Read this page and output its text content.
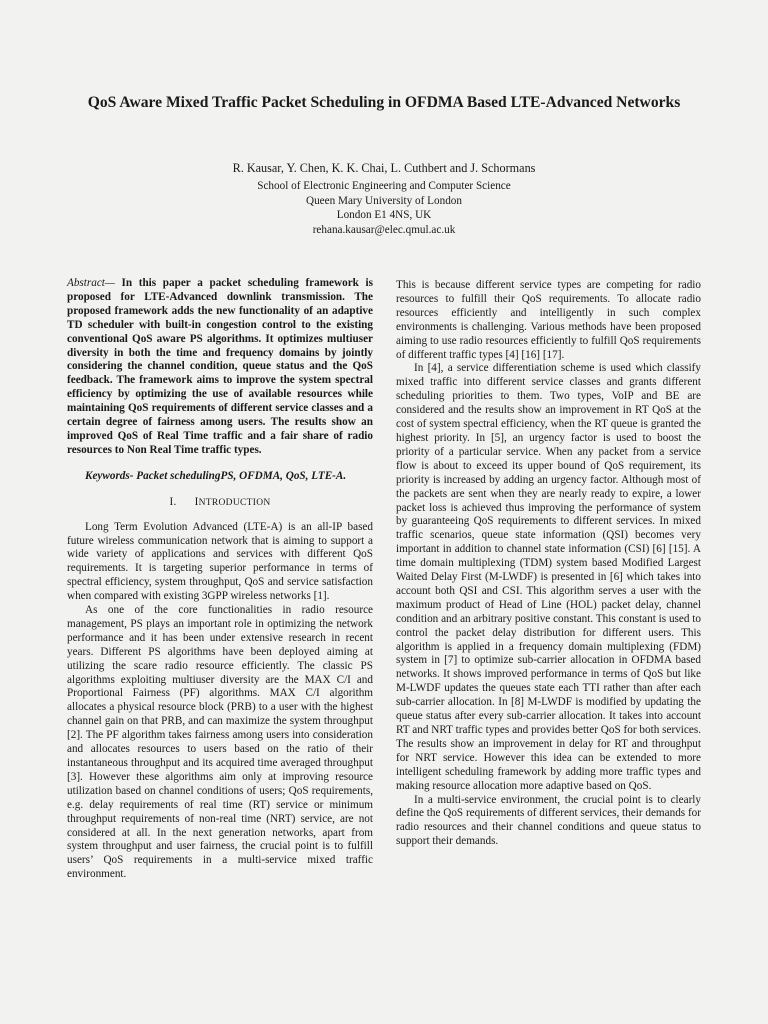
QoS Aware Mixed Traffic Packet Scheduling in OFDMA Based LTE-Advanced Networks
R. Kausar, Y. Chen, K. K. Chai, L. Cuthbert and J. Schormans
School of Electronic Engineering and Computer Science
Queen Mary University of London
London E1 4NS, UK
rehana.kausar@elec.qmul.ac.uk

Abstract— In this paper a packet scheduling framework is proposed for LTE-Advanced downlink transmission. The proposed framework adds the new functionality of an adaptive TD scheduler with built-in congestion control to the existing conventional QoS aware PS algorithms. It optimizes multiuser diversity in both the time and frequency domains by jointly considering the channel condition, queue status and the QoS feedback. The framework aims to improve the system spectral efficiency by optimizing the use of available resources while maintaining QoS requirements of different service classes and a certain degree of fairness among users. The results show an improved QoS of Real Time traffic and a fair share of radio resources to Non Real Time traffic types.

Keywords- Packet schedulingPS, OFDMA, QoS, LTE-A.

I. INTRODUCTION

Long Term Evolution Advanced (LTE-A) is an all-IP based future wireless communication network that is aiming to support a wide variety of applications and services with different QoS requirements. It is targeting superior performance in terms of spectral efficiency, system throughput, QoS and service satisfaction when compared with existing 3GPP wireless networks [1].

As one of the core functionalities in radio resource management, PS plays an important role in optimizing the network performance and it has been under extensive research in recent years. Different PS algorithms have been deployed aiming at utilizing the scare radio resource efficiently. The classic PS algorithms exploiting multiuser diversity are the MAX C/I and Proportional Fairness (PF) algorithms. MAX C/I algorithm allocates a physical resource block (PRB) to a user with the highest channel gain on that PRB, and can maximize the system throughput [2]. The PF algorithm takes fairness among users into consideration and allocates resources to users based on the ratio of their instantaneous throughput and its acquired time averaged throughput [3]. However these algorithms aim only at improving resource utilization based on channel conditions of users; QoS requirements, e.g. delay requirements of real time (RT) service or minimum throughput requirements of non-real time (NRT) service, are not considered at all. In the next generation networks, apart from system throughput and user fairness, the crucial point is to fulfill users’ QoS requirements in a multi-service mixed traffic environment.

This is because different service types are competing for radio resources to fulfill their QoS requirements. To allocate radio resources efficiently and intelligently in such complex environments is challenging. Various methods have been proposed aiming to use radio resources efficiently to fulfill QoS requirements of different traffic types [4] [16] [17].

In [4], a service differentiation scheme is used which classify mixed traffic into different service classes and grants different scheduling priorities to them. Two types, VoIP and BE are considered and the results show an improvement in RT QoS at the cost of system spectral efficiency, when the RT queue is granted the highest priority. In [5], an urgency factor is used to boost the priority of a particular service. When any packet from a service flow is about to exceed its upper bound of QoS requirement, its priority is increased by adding an urgency factor. Although most of the packets are sent when they are nearly ready to expire, a lower packet loss is achieved thus improving the performance of system by guaranteeing QoS requirements to different services. In mixed traffic scenarios, queue state information (QSI) becomes very important in addition to channel state information (CSI) [6] [15]. A time domain multiplexing (TDM) system based Modified Largest Waited Delay First (M-LWDF) is presented in [6] which takes into account both QSI and CSI. This algorithm serves a user with the maximum product of Head of Line (HOL) packet delay, channel condition and an arbitrary positive constant. This constant is used to control the packet delay distribution for different users. This algorithm is applied in a frequency domain multiplexing (FDM) system in [7] to optimize sub-carrier allocation in OFDMA based networks. It shows improved performance in terms of QoS but like M-LWDF updates the queues state each TTI rather than after each sub-carrier allocation. In [8] M-LWDF is modified by updating the queue status after every sub-carrier allocation. It takes into account RT and NRT traffic types and provides better QoS for both services. The results show an improvement in delay for RT and throughput for NRT service. However this idea can be extended to more intelligent scheduling framework by adding more traffic types and making resource allocation more adaptive based on QoS.

In a multi-service environment, the crucial point is to clearly define the QoS requirements of different services, their demands for radio resources and their channel conditions and queue status to support their demands.
